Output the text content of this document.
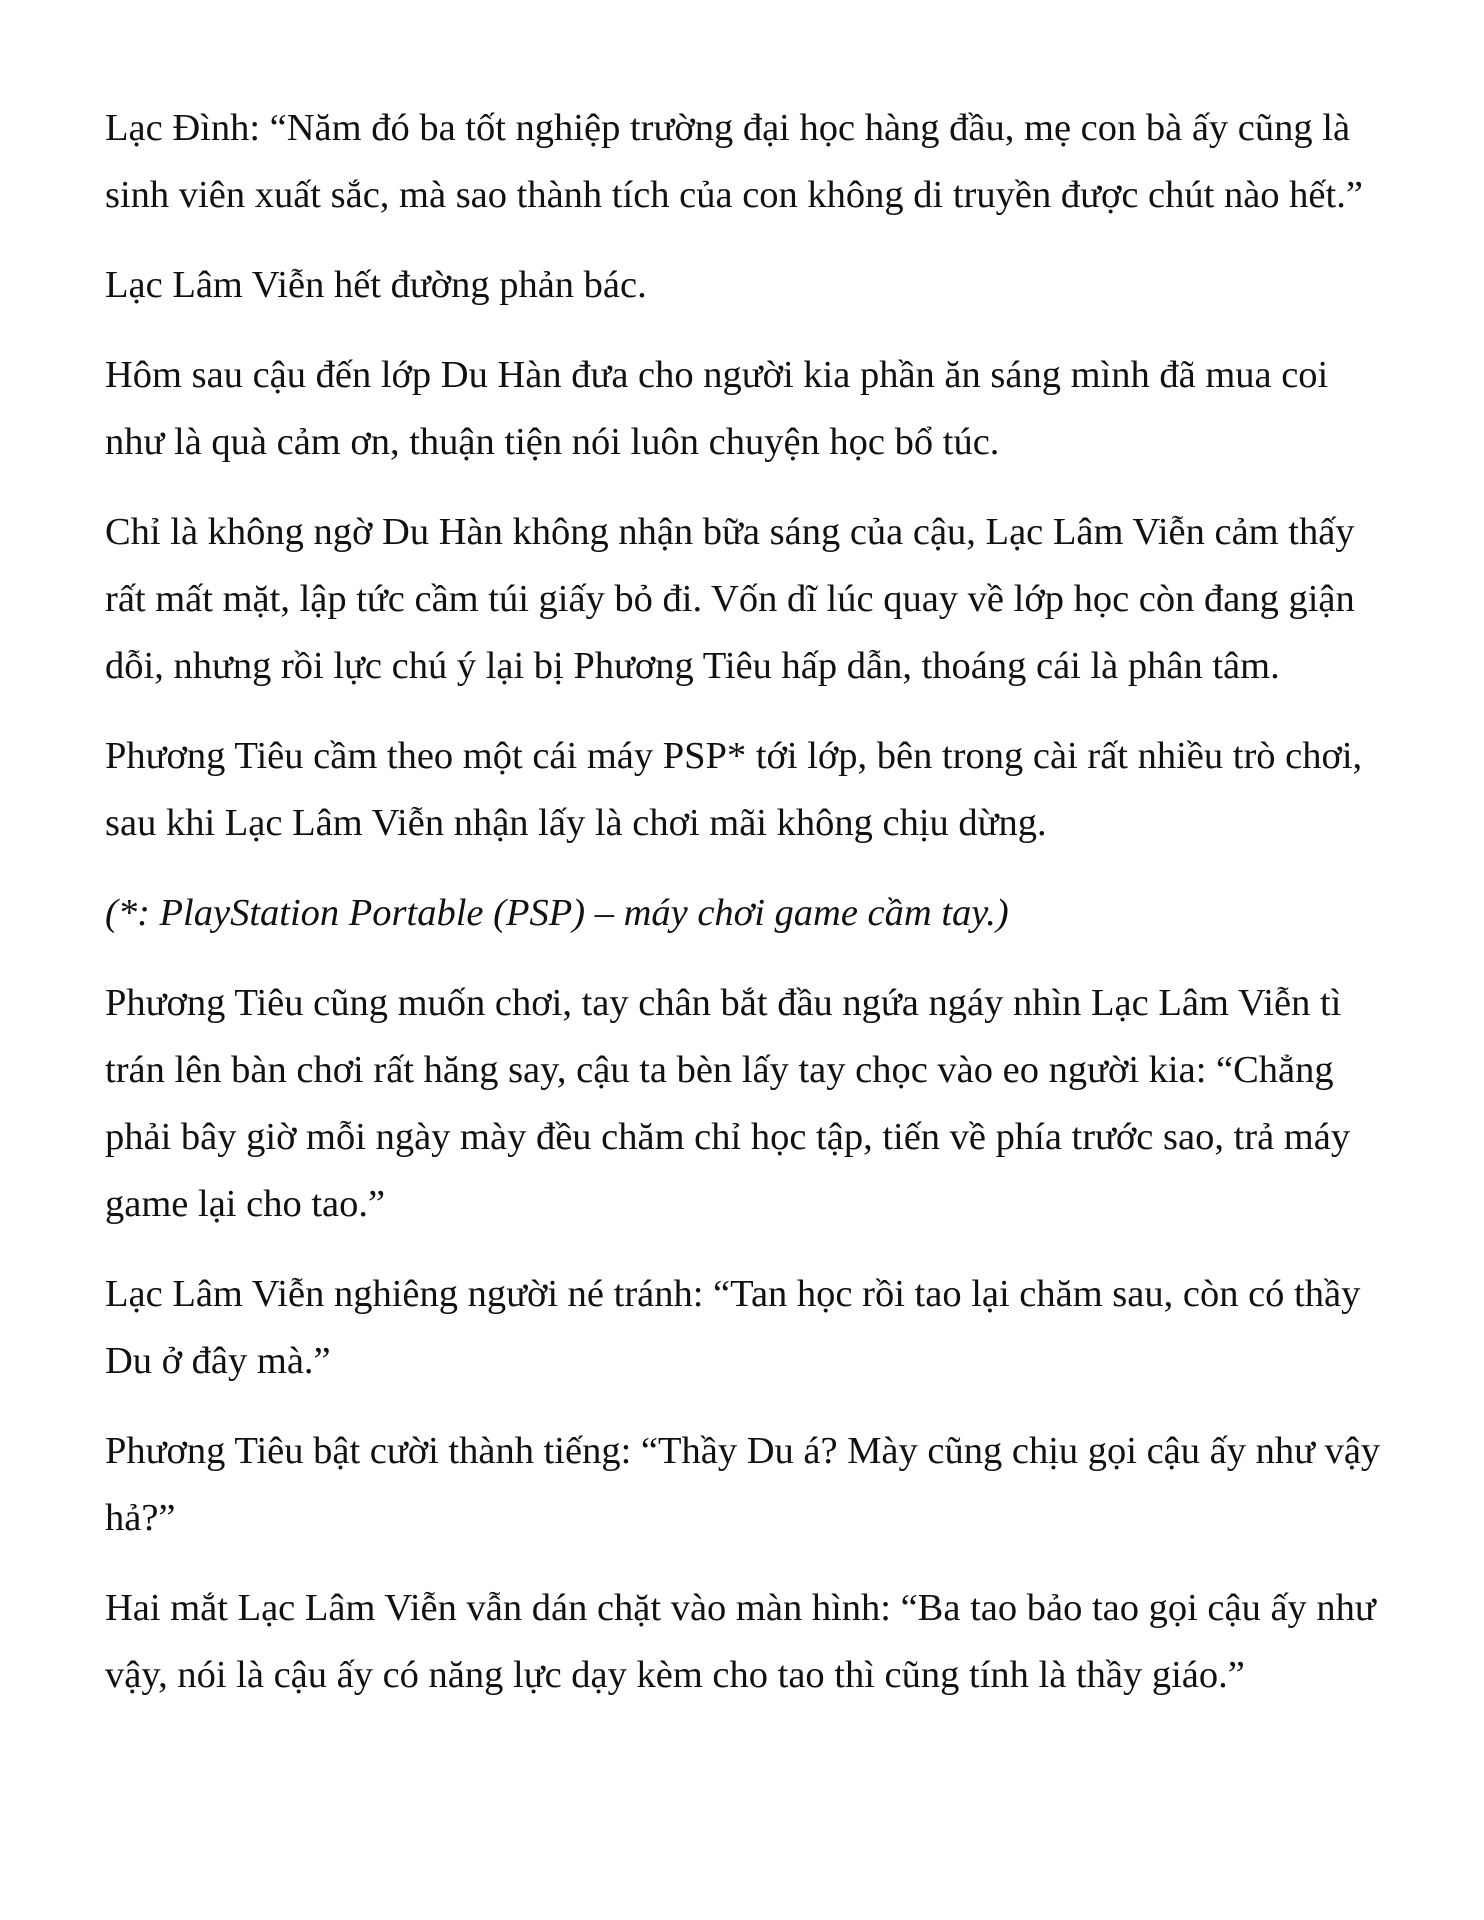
Lạc Đình: “Năm đó ba tốt nghiệp trường đại học hàng đầu, mẹ con bà ấy cũng là sinh viên xuất sắc, mà sao thành tích của con không di truyền được chút nào hết.”

Lạc Lâm Viễn hết đường phản bác.

Hôm sau cậu đến lớp Du Hàn đưa cho người kia phần ăn sáng mình đã mua coi như là quà cảm ơn, thuận tiện nói luôn chuyện học bổ túc.

Chỉ là không ngờ Du Hàn không nhận bữa sáng của cậu, Lạc Lâm Viễn cảm thấy rất mất mặt, lập tức cầm túi giấy bỏ đi. Vốn dĩ lúc quay về lớp học còn đang giận dỗi, nhưng rồi lực chú ý lại bị Phương Tiêu hấp dẫn, thoáng cái là phân tâm.

Phương Tiêu cầm theo một cái máy PSP* tới lớp, bên trong cài rất nhiều trò chơi, sau khi Lạc Lâm Viễn nhận lấy là chơi mãi không chịu dừng.

(*: PlayStation Portable (PSP) – máy chơi game cầm tay.)

Phương Tiêu cũng muốn chơi, tay chân bắt đầu ngứa ngáy nhìn Lạc Lâm Viễn tì trán lên bàn chơi rất hăng say, cậu ta bèn lấy tay chọc vào eo người kia: “Chẳng phải bây giờ mỗi ngày mày đều chăm chỉ học tập, tiến về phía trước sao, trả máy game lại cho tao.”

Lạc Lâm Viễn nghiêng người né tránh: “Tan học rồi tao lại chăm sau, còn có thầy Du ở đây mà.”

Phương Tiêu bật cười thành tiếng: “Thầy Du á? Mày cũng chịu gọi cậu ấy như vậy hả?”

Hai mắt Lạc Lâm Viễn vẫn dán chặt vào màn hình: “Ba tao bảo tao gọi cậu ấy như vậy, nói là cậu ấy có năng lực dạy kèm cho tao thì cũng tính là thầy giáo.”
